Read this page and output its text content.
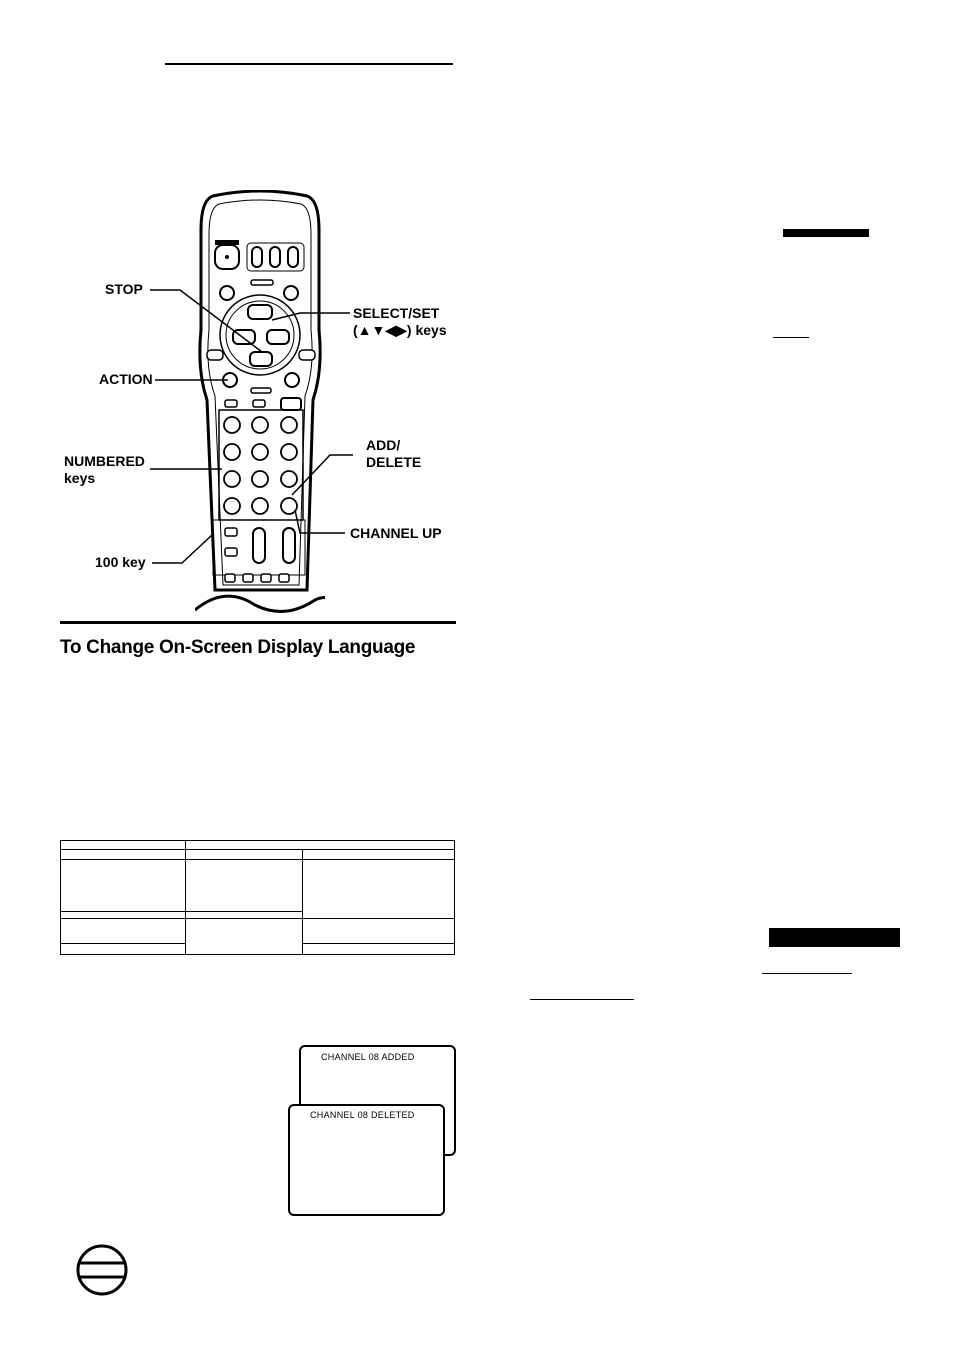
STOP
ACTION
NUMBERED
keys
100 key
SELECT/SET
(▲▼◀▶) keys
ADD/
DELETE
CHANNEL UP
To Change On-Screen Display Language

CHANNEL 08 ADDED
CHANNEL 08 DELETED
